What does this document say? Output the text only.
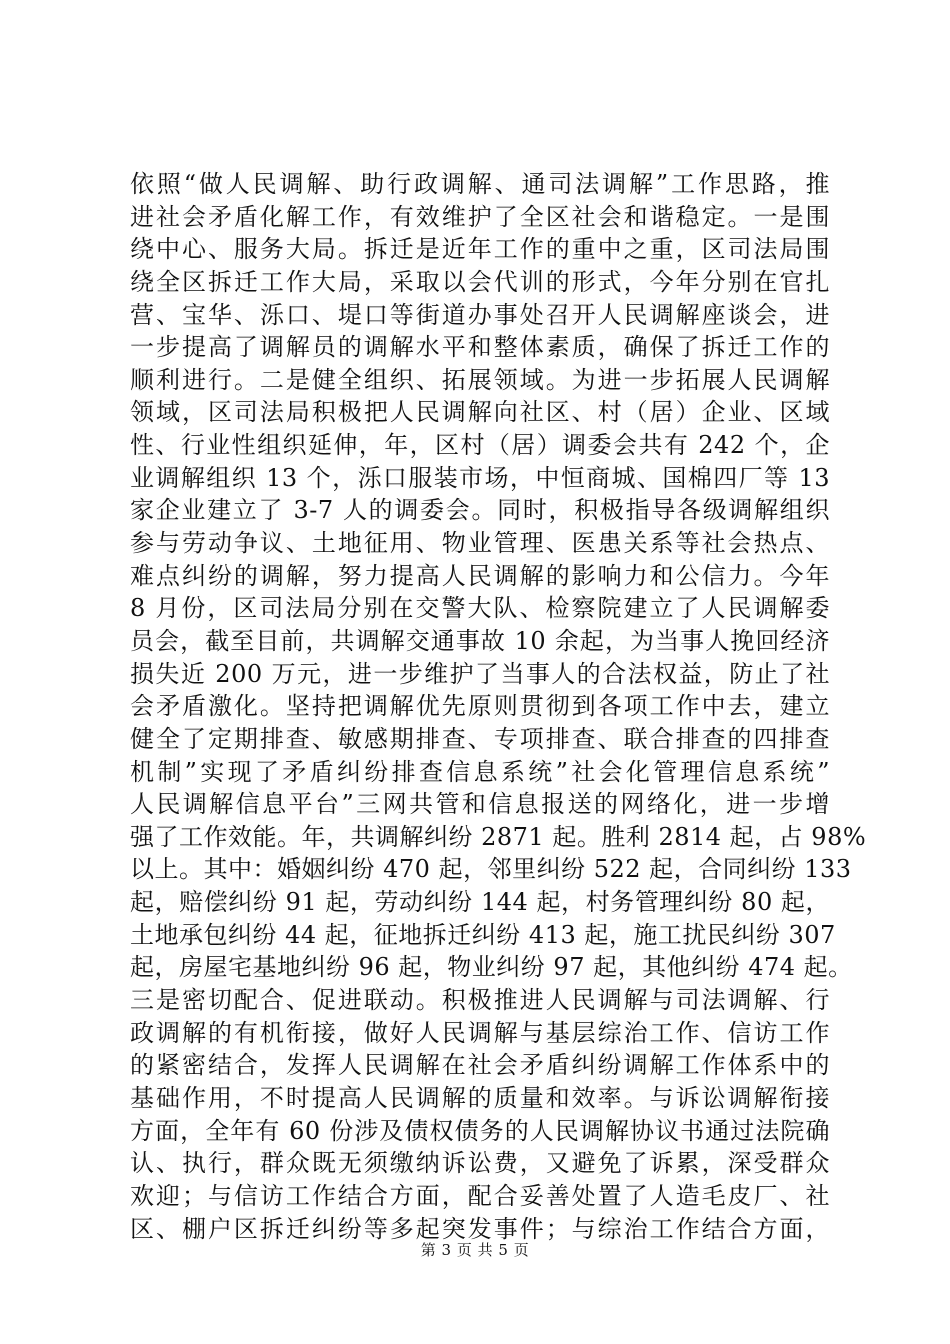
依照“做人民调解、助行政调解、通司法调解”工作思路，推
进社会矛盾化解工作，有效维护了全区社会和谐稳定。一是围
绕中心、服务大局。拆迁是近年工作的重中之重，区司法局围
绕全区拆迁工作大局，采取以会代训的形式，今年分别在官扎
营、宝华、泺口、堤口等街道办事处召开人民调解座谈会，进
一步提高了调解员的调解水平和整体素质，确保了拆迁工作的
顺利进行。二是健全组织、拓展领域。为进一步拓展人民调解
领域，区司法局积极把人民调解向社区、村（居）企业、区域
性、行业性组织延伸，年，区村（居）调委会共有 242 个，企
业调解组织 13 个，泺口服装市场，中恒商城、国棉四厂等 13
家企业建立了 3-7 人的调委会。同时，积极指导各级调解组织
参与劳动争议、土地征用、物业管理、医患关系等社会热点、
难点纠纷的调解，努力提高人民调解的影响力和公信力。今年
8 月份，区司法局分别在交警大队、检察院建立了人民调解委
员会，截至目前，共调解交通事故 10 余起，为当事人挽回经济
损失近 200 万元，进一步维护了当事人的合法权益，防止了社
会矛盾激化。坚持把调解优先原则贯彻到各项工作中去，建立
健全了定期排查、敏感期排查、专项排查、联合排查的四排查
机制”实现了矛盾纠纷排查信息系统”社会化管理信息系统”
人民调解信息平台”三网共管和信息报送的网络化，进一步增
强了工作效能。年，共调解纠纷 2871 起。胜利 2814 起，占 98%
以上。其中：婚姻纠纷 470 起，邻里纠纷 522 起，合同纠纷 133
起，赔偿纠纷 91 起，劳动纠纷 144 起，村务管理纠纷 80 起，
土地承包纠纷 44 起，征地拆迁纠纷 413 起，施工扰民纠纷 307
起，房屋宅基地纠纷 96 起，物业纠纷 97 起，其他纠纷 474 起。
三是密切配合、促进联动。积极推进人民调解与司法调解、行
政调解的有机衔接，做好人民调解与基层综治工作、信访工作
的紧密结合，发挥人民调解在社会矛盾纠纷调解工作体系中的
基础作用，不时提高人民调解的质量和效率。与诉讼调解衔接
方面，全年有 60 份涉及债权债务的人民调解协议书通过法院确
认、执行，群众既无须缴纳诉讼费，又避免了诉累，深受群众
欢迎；与信访工作结合方面，配合妥善处置了人造毛皮厂、社
区、棚户区拆迁纠纷等多起突发事件；与综治工作结合方面，
第 3 页 共 5 页
